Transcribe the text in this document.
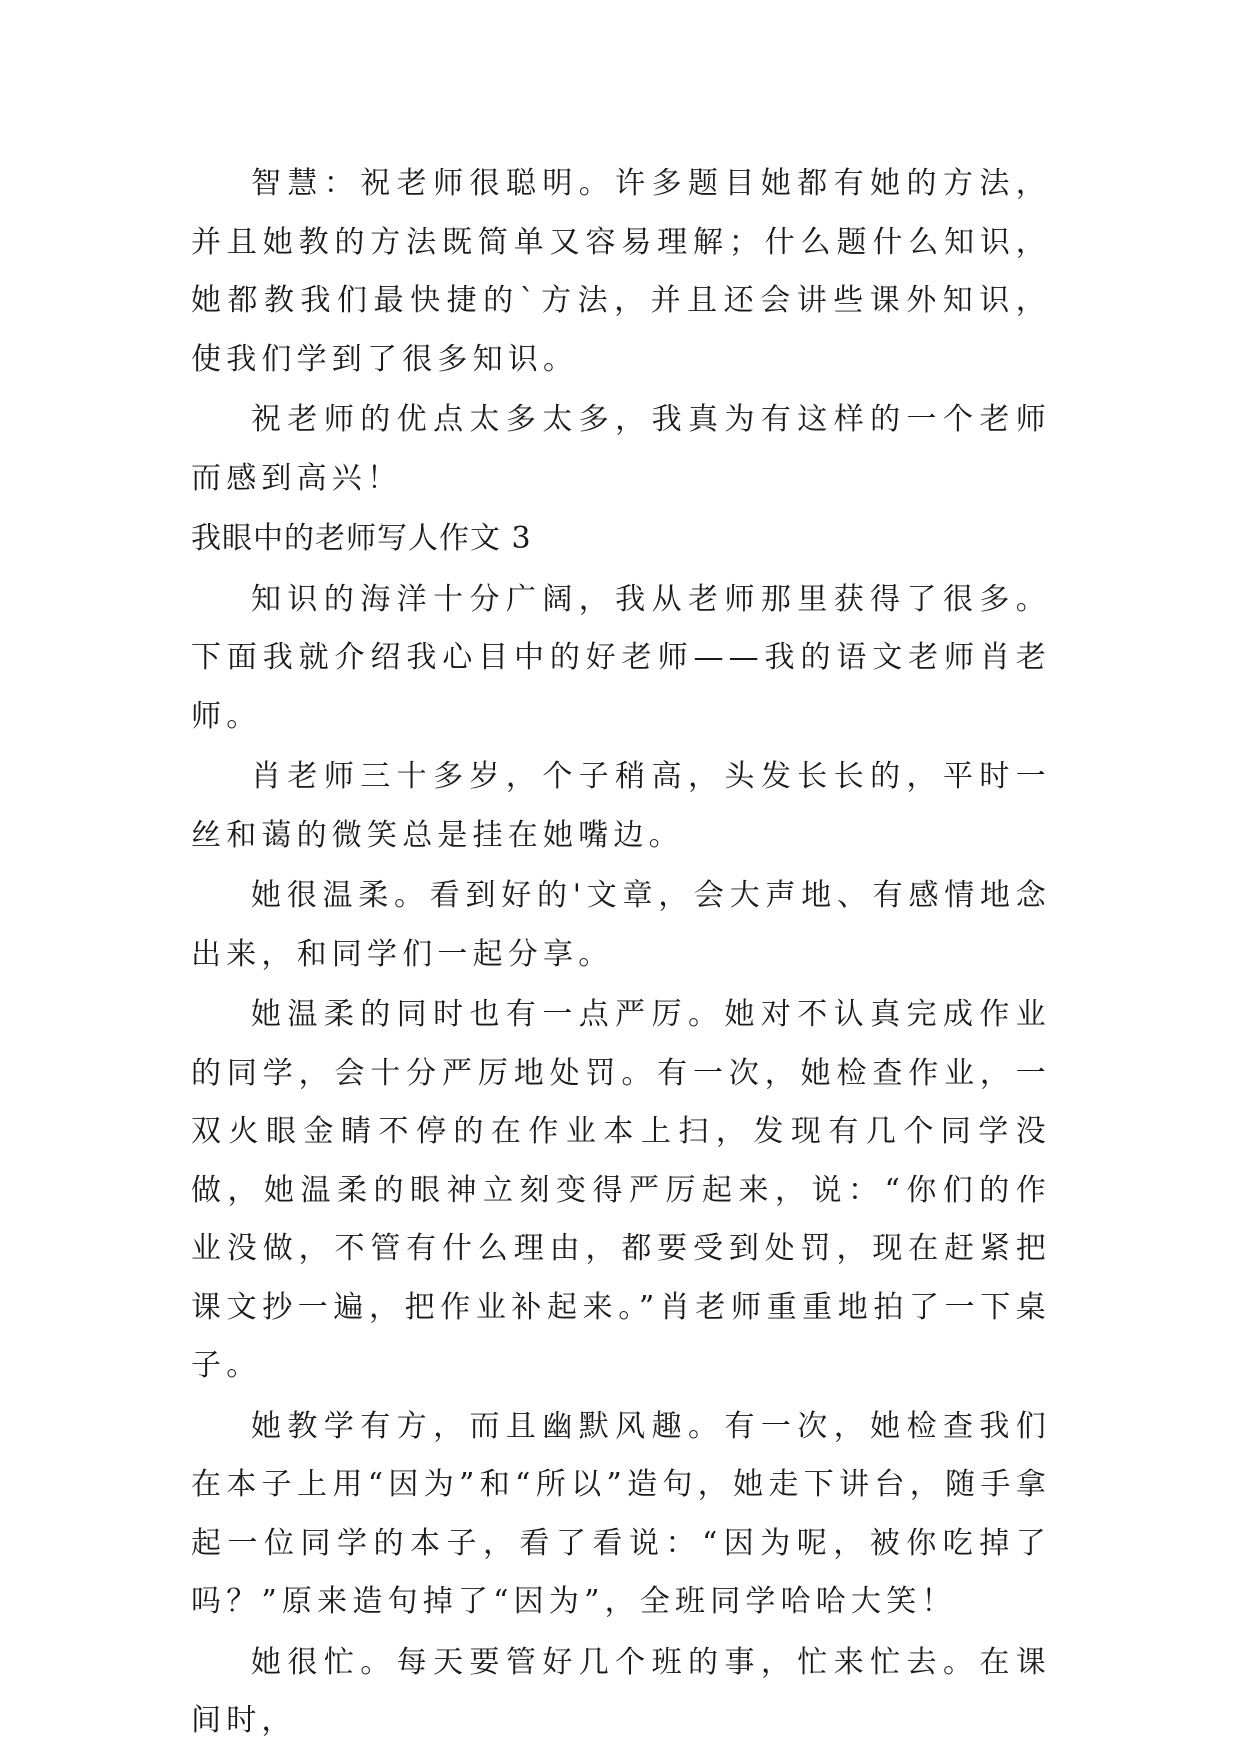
智慧：祝老师很聪明。许多题目她都有她的方法，并且她教的方法既简单又容易理解；什么题什么知识，她都教我们最快捷的`方法，并且还会讲些课外知识，使我们学到了很多知识。

祝老师的优点太多太多，我真为有这样的一个老师而感到高兴！

我眼中的老师写人作文 3

知识的海洋十分广阔，我从老师那里获得了很多。下面我就介绍我心目中的好老师——我的语文老师肖老师。

肖老师三十多岁，个子稍高，头发长长的，平时一丝和蔼的微笑总是挂在她嘴边。

她很温柔。看到好的'文章，会大声地、有感情地念出来，和同学们一起分享。

她温柔的同时也有一点严厉。她对不认真完成作业的同学，会十分严厉地处罚。有一次，她检查作业，一双火眼金睛不停的在作业本上扫，发现有几个同学没做，她温柔的眼神立刻变得严厉起来，说：“你们的作业没做，不管有什么理由，都要受到处罚，现在赶紧把课文抄一遍，把作业补起来。”肖老师重重地拍了一下桌子。

她教学有方，而且幽默风趣。有一次，她检查我们在本子上用“因为”和“所以”造句，她走下讲台，随手拿起一位同学的本子，看了看说：“因为呢，被你吃掉了吗？”原来造句掉了“因为”，全班同学哈哈大笑！

她很忙。每天要管好几个班的事，忙来忙去。在课间时，
